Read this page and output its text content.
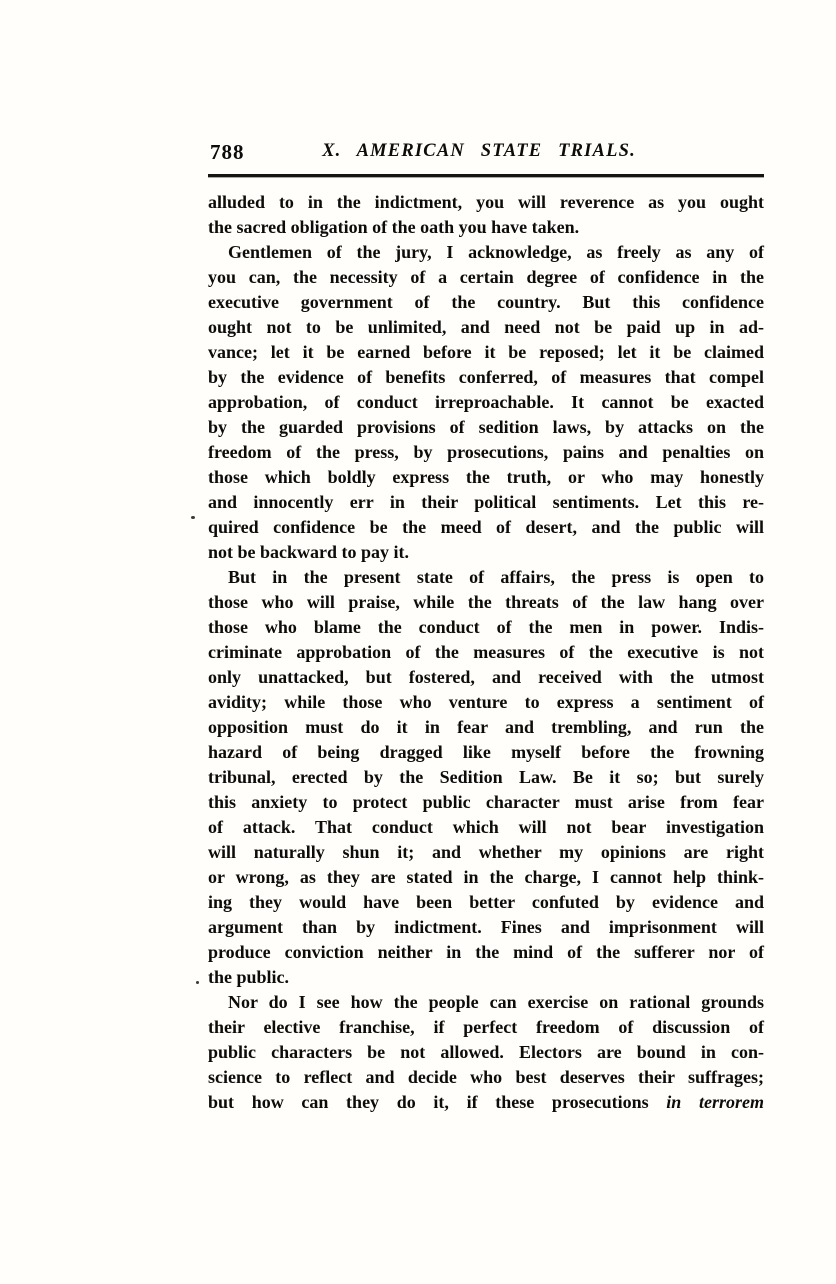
788	X. AMERICAN STATE TRIALS.
alluded to in the indictment, you will reverence as you ought
the sacred obligation of the oath you have taken.
Gentlemen of the jury, I acknowledge, as freely as any of
you can, the necessity of a certain degree of confidence in the
executive government of the country. But this confidence
ought not to be unlimited, and need not be paid up in ad-
vance; let it be earned before it be reposed; let it be claimed
by the evidence of benefits conferred, of measures that compel
approbation, of conduct irreproachable. It cannot be exacted
by the guarded provisions of sedition laws, by attacks on the
freedom of the press, by prosecutions, pains and penalties on
those which boldly express the truth, or who may honestly
and innocently err in their political sentiments. Let this re-
quired confidence be the meed of desert, and the public will
not be backward to pay it.
But in the present state of affairs, the press is open to
those who will praise, while the threats of the law hang over
those who blame the conduct of the men in power. Indis-
criminate approbation of the measures of the executive is not
only unattacked, but fostered, and received with the utmost
avidity; while those who venture to express a sentiment of
opposition must do it in fear and trembling, and run the
hazard of being dragged like myself before the frowning
tribunal, erected by the Sedition Law. Be it so; but surely
this anxiety to protect public character must arise from fear
of attack. That conduct which will not bear investigation
will naturally shun it; and whether my opinions are right
or wrong, as they are stated in the charge, I cannot help think-
ing they would have been better confuted by evidence and
argument than by indictment. Fines and imprisonment will
produce conviction neither in the mind of the sufferer nor of
the public.
Nor do I see how the people can exercise on rational grounds
their elective franchise, if perfect freedom of discussion of
public characters be not allowed. Electors are bound in con-
science to reflect and decide who best deserves their suffrages;
but how can they do it, if these prosecutions in terrorem
